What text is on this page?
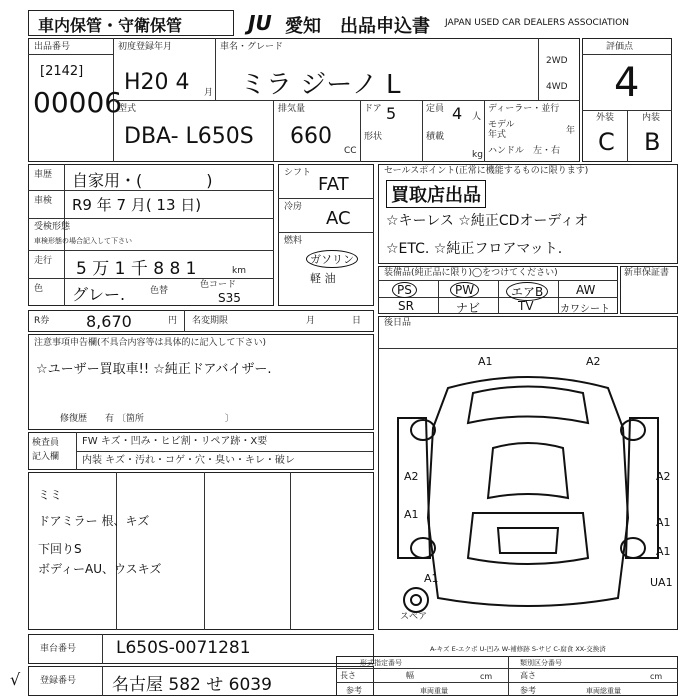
車内保管・守衛保管	JU 愛知 出品申込書 JAPAN USED CAR DEALERS ASSOCIATION
出品番号
[2142]
00006
初度登録年月
H20 4 月
車名・グレード
ミラ ジーノ L
2WD
4WD
型式
DBA- L650S
排気量
660
CC
ドア 5
形状
定員 4 人
積載
kg
ディーラー・並行
モデル
年式	年
ハンドル　左・右
評価点
4
外装	内装
C B
車歴 自家用・(　　　　)
車検 R9 年 7 月( 13 日)
受検形態
車検形態の場合記入して下さい
走行 5 万 1 千 8 8 1	km
色 グレー.	色替
色コード
S35
シフト
FAT
冷房
AC
燃料
ガソリン
軽 油
R券 8,670	円 名変期限	月	日
注意事項申告欄(不具合内容等は具体的に記入して下さい)
☆ユーザー買取車!! ☆純正ドアバイザー.
修復歴　　有 〔箇所　　　　　　　　　〕
検査員
記入欄
FW キズ・凹み・ヒビ割・リペア跡・X要
内装 キズ・汚れ・コゲ・穴・臭い・キレ・破レ
ミミ
ドアミラー 根、キズ
下回りS
ボディーAU、ウスキズ
セールスポイント(正常に機能するものに限ります)
買取店出品
☆キーレス ☆純正CDオーディオ
☆ETC. ☆純正フロアマット.
装備品(純正品に限り)◯をつけてください)
PS	PW	エアB	AW
SR	ナビ	TV	カワシート
新車保証書
後日品
A1	A2
A2	A2
A1
A1
A1
A1
UA1
スペア
A-キズ E-エクボ U-凹み W-補修跡 S-サビ C-腐食 XX-交換済
√
車台番号 L650S-0071281
登録番号 名古屋 582 せ 6039
形式指定番号	類別区分番号
長さ	幅	高さ
cm	cm
参考	車両重量	参考	車両総重量
